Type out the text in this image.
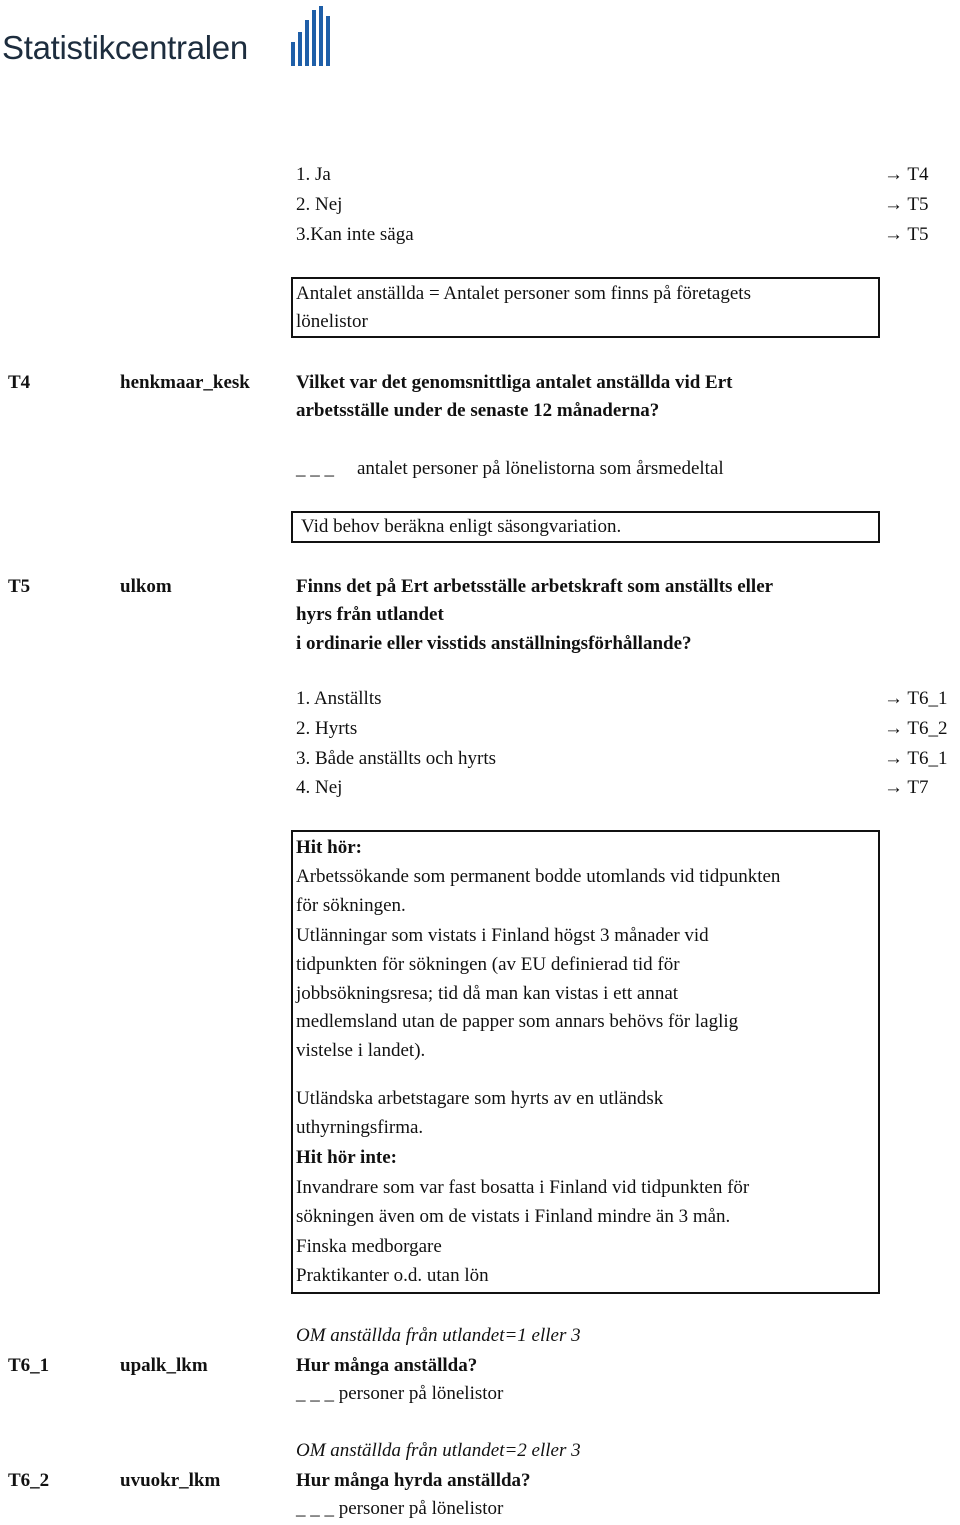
Statistikcentralen
1. Ja	→ T4
2. Nej	→ T5
3.Kan inte säga	→ T5
Antalet anställda = Antalet personer som finns på företagets
lönelistor
T4	henkmaar_kesk Vilket var det genomsnittliga antalet anställda vid Ert
arbetsställe under de senaste 12 månaderna?
_ _ _ antalet personer på lönelistorna som årsmedeltal
Vid behov beräkna enligt säsongvariation.
T5	ulkom	Finns det på Ert arbetsställe arbetskraft som anställts eller
hyrs från utlandet
i ordinarie eller visstids anställningsförhållande?
1. Anställts	→ T6_1
2. Hyrts	→ T6_2
3. Både anställts och hyrts	→ T6_1
4. Nej	→ T7
Hit hör:
Arbetssökande som permanent bodde utomlands vid tidpunkten
för sökningen.
Utlänningar som vistats i Finland högst 3 månader vid
tidpunkten för sökningen (av EU definierad tid för
jobbsökningsresa; tid då man kan vistas i ett annat
medlemsland utan de papper som annars behövs för laglig
vistelse i landet).
Utländska arbetstagare som hyrts av en utländsk
uthyrningsfirma.
Hit hör inte:
Invandrare som var fast bosatta i Finland vid tidpunkten för
sökningen även om de vistats i Finland mindre än 3 mån.
Finska medborgare
Praktikanter o.d. utan lön
OM anställda från utlandet=1 eller 3
T6_1	upalk_lkm	Hur många anställda?
_ _ _ personer på lönelistor
OM anställda från utlandet=2 eller 3
T6_2	uvuokr_lkm	Hur många hyrda anställda?
_ _ _ personer på lönelistor
